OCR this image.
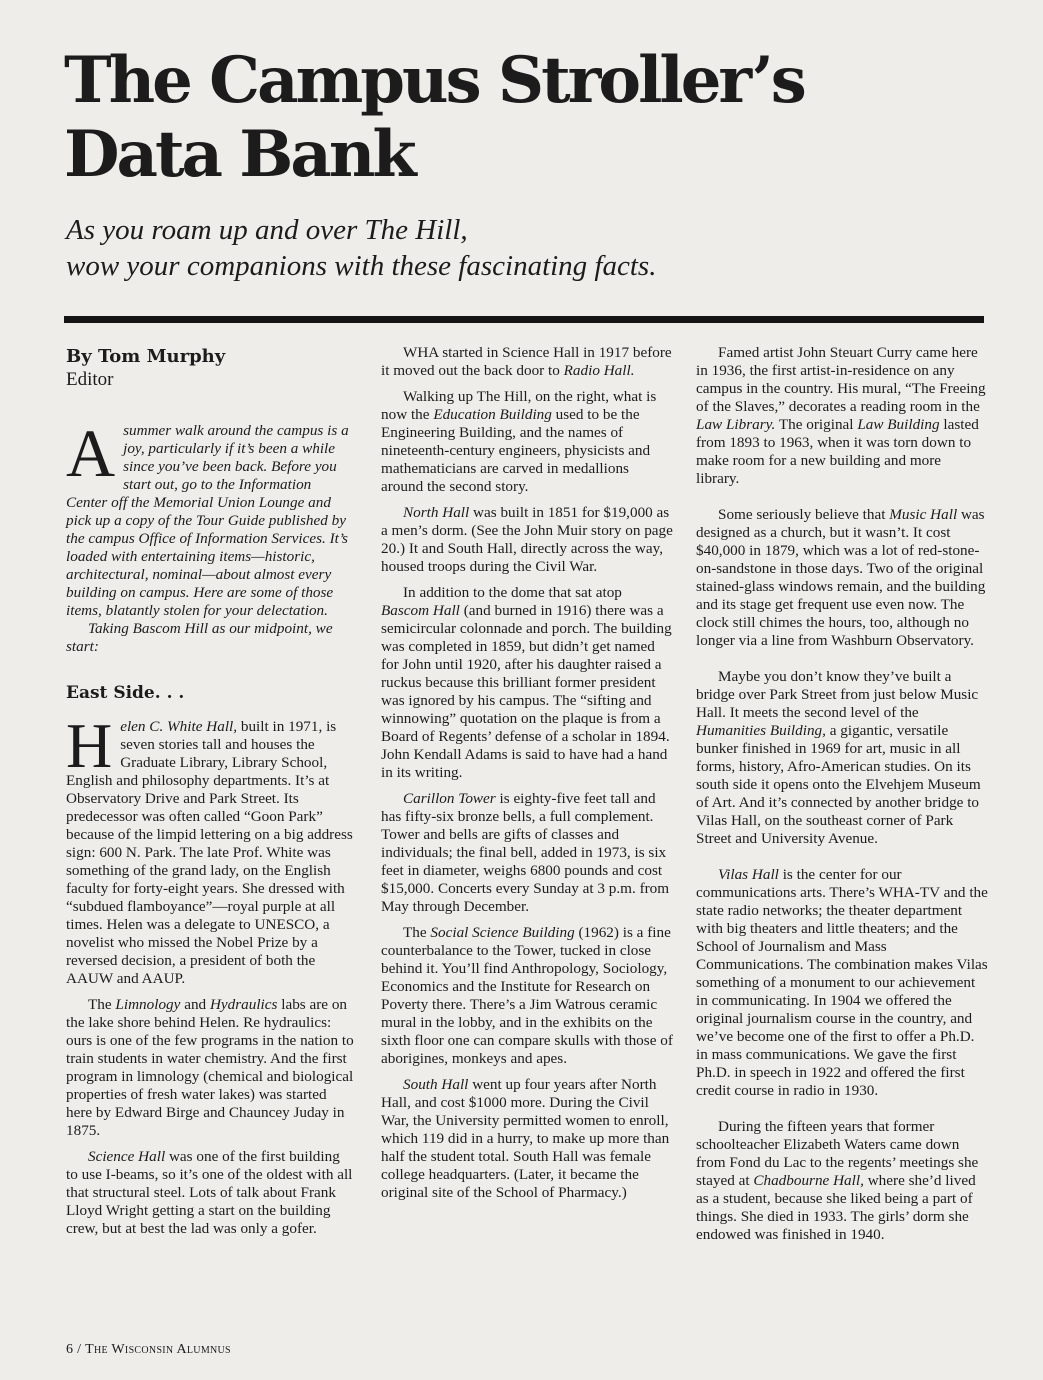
The Campus Stroller’s
Data Bank
As you roam up and over The Hill,
wow your companions with these fascinating facts.
By Tom Murphy
Editor

Asummer walk around the campus is a joy, particularly if it’s been a while since you’ve been back. Before you start out, go to the Information Center off the Memorial Union Lounge and pick up a copy of the Tour Guide published by the campus Office of Information Services. It’s loaded with entertaining items—historic, architectural, nominal—about almost every building on campus. Here are some of those items, blatantly stolen for your delectation.

Taking Bascom Hill as our midpoint, we start:

East Side. . .

Helen C. White Hall, built in 1971, is seven stories tall and houses the Graduate Library, Library School, English and philosophy departments. It’s at Observatory Drive and Park Street. Its predecessor was often called “Goon Park” because of the limpid lettering on a big address sign: 600 N. Park. The late Prof. White was something of the grand lady, on the English faculty for forty-eight years. She dressed with “subdued flamboyance”—royal purple at all times. Helen was a delegate to UNESCO, a novelist who missed the Nobel Prize by a reversed decision, a president of both the AAUW and AAUP.

The Limnology and Hydraulics labs are on the lake shore behind Helen. Re hydraulics: ours is one of the few programs in the nation to train students in water chemistry. And the first program in limnology (chemical and biological properties of fresh water lakes) was started here by Edward Birge and Chauncey Juday in 1875.

Science Hall was one of the first building to use I-beams, so it’s one of the oldest with all that structural steel. Lots of talk about Frank Lloyd Wright getting a start on the building crew, but at best the lad was only a gofer.

WHA started in Science Hall in 1917 before it moved out the back door to Radio Hall.

Walking up The Hill, on the right, what is now the Education Building used to be the Engineering Building, and the names of nineteenth-century engineers, physicists and mathematicians are carved in medallions around the second story.

North Hall was built in 1851 for $19,000 as a men’s dorm. (See the John Muir story on page 20.) It and South Hall, directly across the way, housed troops during the Civil War.

In addition to the dome that sat atop Bascom Hall (and burned in 1916) there was a semicircular colonnade and porch. The building was completed in 1859, but didn’t get named for John until 1920, after his daughter raised a ruckus because this brilliant former president was ignored by his campus. The “sifting and winnowing” quotation on the plaque is from a Board of Regents’ defense of a scholar in 1894. John Kendall Adams is said to have had a hand in its writing.

Carillon Tower is eighty-five feet tall and has fifty-six bronze bells, a full complement. Tower and bells are gifts of classes and individuals; the final bell, added in 1973, is six feet in diameter, weighs 6800 pounds and cost $15,000. Concerts every Sunday at 3 p.m. from May through December.

The Social Science Building (1962) is a fine counterbalance to the Tower, tucked in close behind it. You’ll find Anthropology, Sociology, Economics and the Institute for Research on Poverty there. There’s a Jim Watrous ceramic mural in the lobby, and in the exhibits on the sixth floor one can compare skulls with those of aborigines, monkeys and apes.

South Hall went up four years after North Hall, and cost $1000 more. During the Civil War, the University permitted women to enroll, which 119 did in a hurry, to make up more than half the student total. South Hall was female college headquarters. (Later, it became the original site of the School of Pharmacy.)

Famed artist John Steuart Curry came here in 1936, the first artist-in-residence on any campus in the country. His mural, “The Freeing of the Slaves,” decorates a reading room in the Law Library. The original Law Building lasted from 1893 to 1963, when it was torn down to make room for a new building and more library.

Some seriously believe that Music Hall was designed as a church, but it wasn’t. It cost $40,000 in 1879, which was a lot of red-stone-on-sandstone in those days. Two of the original stained-glass windows remain, and the building and its stage get frequent use even now. The clock still chimes the hours, too, although no longer via a line from Washburn Observatory.

Maybe you don’t know they’ve built a bridge over Park Street from just below Music Hall. It meets the second level of the Humanities Building, a gigantic, versatile bunker finished in 1969 for art, music in all forms, history, Afro-American studies. On its south side it opens onto the Elvehjem Museum of Art. And it’s connected by another bridge to Vilas Hall, on the southeast corner of Park Street and University Avenue.

Vilas Hall is the center for our communications arts. There’s WHA-TV and the state radio networks; the theater department with big theaters and little theaters; and the School of Journalism and Mass Communications. The combination makes Vilas something of a monument to our achievement in communicating. In 1904 we offered the original journalism course in the country, and we’ve become one of the first to offer a Ph.D. in mass communications. We gave the first Ph.D. in speech in 1922 and offered the first credit course in radio in 1930.

During the fifteen years that former schoolteacher Elizabeth Waters came down from Fond du Lac to the regents’ meetings she stayed at Chadbourne Hall, where she’d lived as a student, because she liked being a part of things. She died in 1933. The girls’ dorm she endowed was finished in 1940.

6 / The Wisconsin Alumnus
